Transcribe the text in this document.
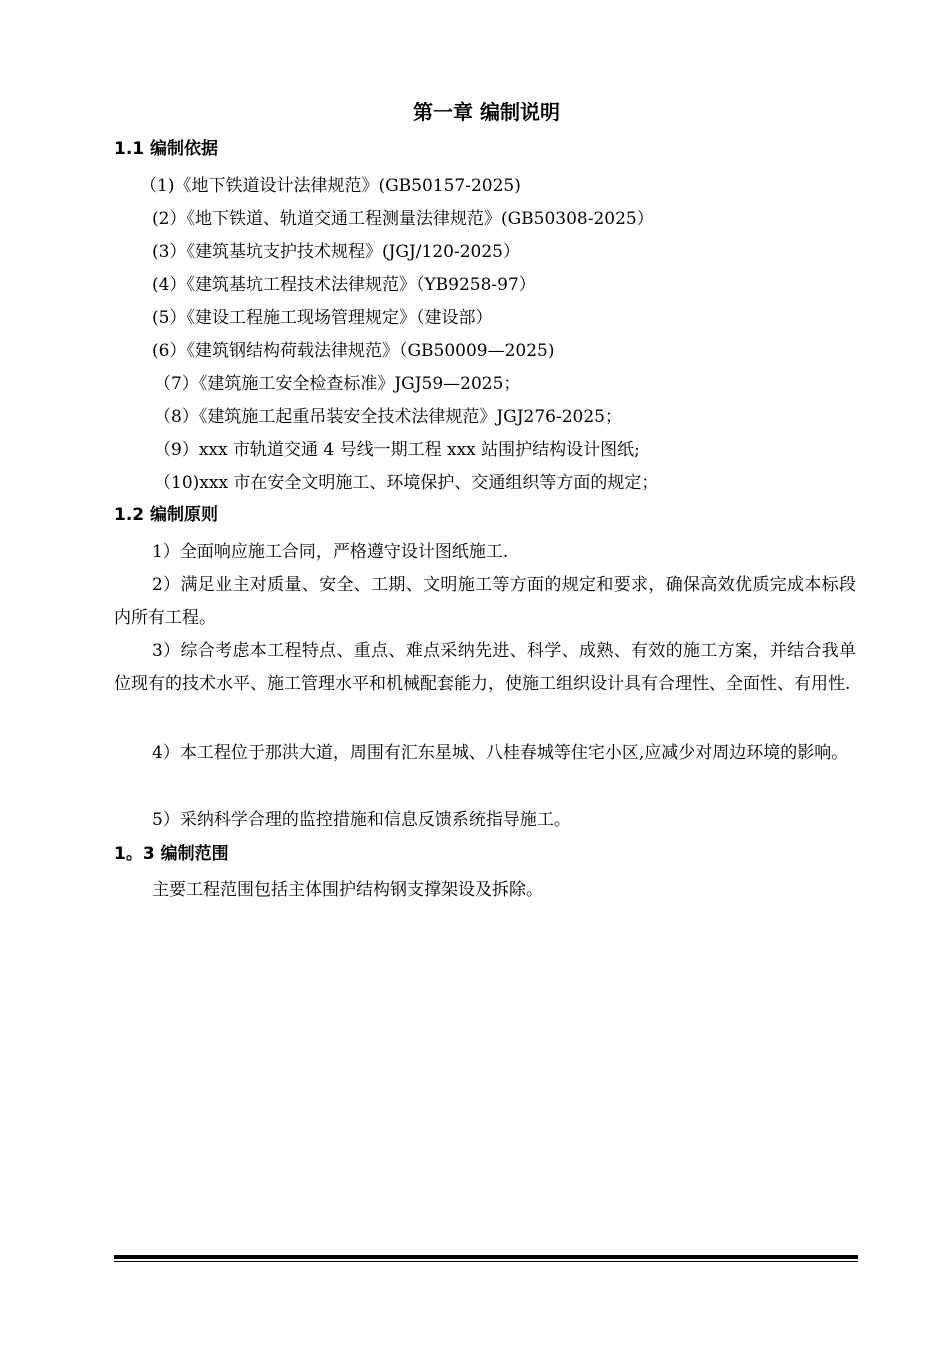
第一章 编制说明
1.1 编制依据
（1)《地下铁道设计法律规范》(GB50157-2025)
(2）《地下铁道、轨道交通工程测量法律规范》(GB50308-2025）
(3）《建筑基坑支护技术规程》(JGJ/120-2025）
(4）《建筑基坑工程技术法律规范》（YB9258-97）
(5）《建设工程施工现场管理规定》（建设部）
(6）《建筑钢结构荷载法律规范》（GB50009—2025)
（7）《建筑施工安全检查标准》JGJ59—2025；
（8）《建筑施工起重吊装安全技术法律规范》JGJ276-2025；
（9）xxx 市轨道交通 4 号线一期工程 xxx 站围护结构设计图纸;
（10)xxx 市在安全文明施工、环境保护、交通组织等方面的规定；
1.2 编制原则
1）全面响应施工合同，严格遵守设计图纸施工.
2）满足业主对质量、安全、工期、文明施工等方面的规定和要求，确保高效优质完成本标段内所有工程。
3）综合考虑本工程特点、重点、难点采纳先进、科学、成熟、有效的施工方案，并结合我单位现有的技术水平、施工管理水平和机械配套能力，使施工组织设计具有合理性、全面性、有用性.
4）本工程位于那洪大道，周围有汇东星城、八桂春城等住宅小区,应减少对周边环境的影响。
5）采纳科学合理的监控措施和信息反馈系统指导施工。
1。3 编制范围
主要工程范围包括主体围护结构钢支撑架设及拆除。
